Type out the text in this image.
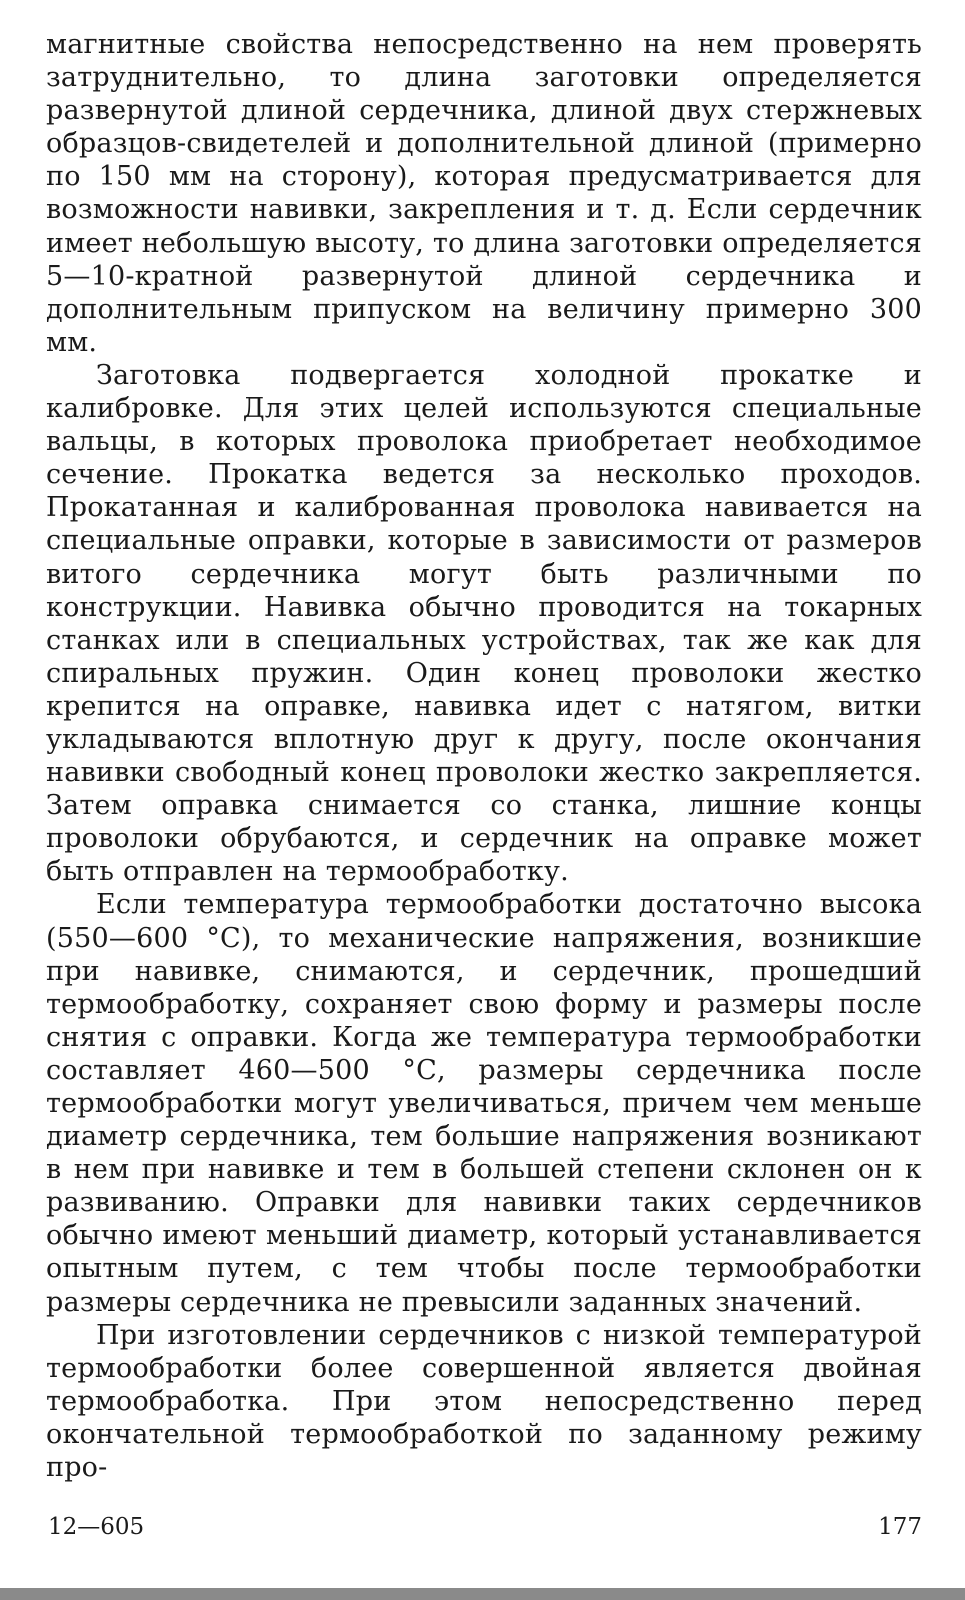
магнитные свойства непосредственно на нем проверять затруднительно, то длина заготовки определяется развернутой длиной сердечника, длиной двух стержневых образцов-свидетелей и дополнительной длиной (примерно по 150 мм на сторону), которая предусматривается для возможности навивки, закрепления и т. д. Если сердечник имеет небольшую высоту, то длина заготовки определяется 5—10-кратной развернутой длиной сердечника и дополнительным припуском на величину примерно 300 мм.

Заготовка подвергается холодной прокатке и калибровке. Для этих целей используются специальные вальцы, в которых проволока приобретает необходимое сечение. Прокатка ведется за несколько проходов. Прокатанная и калиброванная проволока навивается на специальные оправки, которые в зависимости от размеров витого сердечника могут быть различными по конструкции. Навивка обычно проводится на токарных станках или в специальных устройствах, так же как для спиральных пружин. Один конец проволоки жестко крепится на оправке, навивка идет с натягом, витки укладываются вплотную друг к другу, после окончания навивки свободный конец проволоки жестко закрепляется. Затем оправка снимается со станка, лишние концы проволоки обрубаются, и сердечник на оправке может быть отправлен на термообработку.

Если температура термообработки достаточно высока (550—600 °С), то механические напряжения, возникшие при навивке, снимаются, и сердечник, прошедший термообработку, сохраняет свою форму и размеры после снятия с оправки. Когда же температура термообработки составляет 460—500 °С, размеры сердечника после термообработки могут увеличиваться, причем чем меньше диаметр сердечника, тем большие напряжения возникают в нем при навивке и тем в большей степени склонен он к развиванию. Оправки для навивки таких сердечников обычно имеют меньший диаметр, который устанавливается опытным путем, с тем чтобы после термообработки размеры сердечника не превысили заданных значений.

При изготовлении сердечников с низкой температурой термообработки более совершенной является двойная термообработка. При этом непосредственно перед окончательной термообработкой по заданному режиму про-

12—605	177
